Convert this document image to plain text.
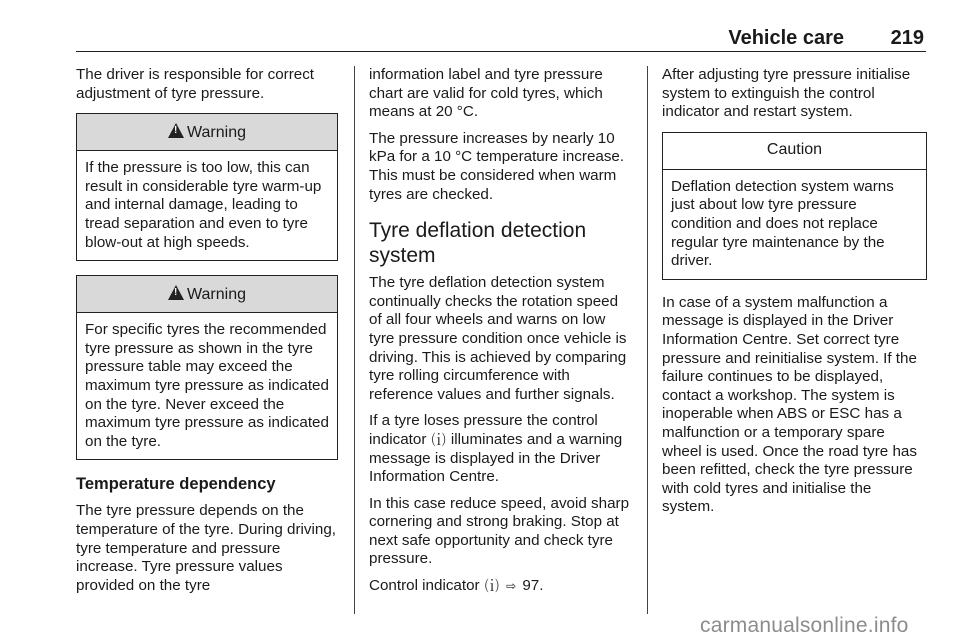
Vehicle care 219

The driver is responsible for correct adjustment of tyre pressure.

!Warning
If the pressure is too low, this can result in considerable tyre warm-up and internal damage, leading to tread separation and even to tyre blow-out at high speeds.
!Warning
For specific tyres the recommended tyre pressure as shown in the tyre pressure table may exceed the maximum tyre pressure as indicated on the tyre. Never exceed the maximum tyre pressure as indicated on the tyre.
Temperature dependency

The tyre pressure depends on the temperature of the tyre. During driving, tyre temperature and pressure increase. Tyre pressure values provided on the tyre

information label and tyre pressure chart are valid for cold tyres, which means at 20 °C.

The pressure increases by nearly 10 kPa for a 10 °C temperature increase. This must be considered when warm tyres are checked.

Tyre deflation detection system

The tyre deflation detection system continually checks the rotation speed of all four wheels and warns on low tyre pressure condition once vehicle is driving. This is achieved by comparing tyre rolling circumference with reference values and further signals.

If a tyre loses pressure the control indicator ⒤ illuminates and a warning message is displayed in the Driver Information Centre.

In this case reduce speed, avoid sharp cornering and strong braking. Stop at next safe opportunity and check tyre pressure.

Control indicator ⒤ ⇨ 97.

After adjusting tyre pressure initialise system to extinguish the control indicator and restart system.

Caution
Deflation detection system warns just about low tyre pressure condition and does not replace regular tyre maintenance by the driver.

In case of a system malfunction a message is displayed in the Driver Information Centre. Set correct tyre pressure and reinitialise system. If the failure continues to be displayed, contact a workshop. The system is inoperable when ABS or ESC has a malfunction or a temporary spare wheel is used. Once the road tyre has been refitted, check the tyre pressure with cold tyres and initialise the system.

carmanualsonline.info
